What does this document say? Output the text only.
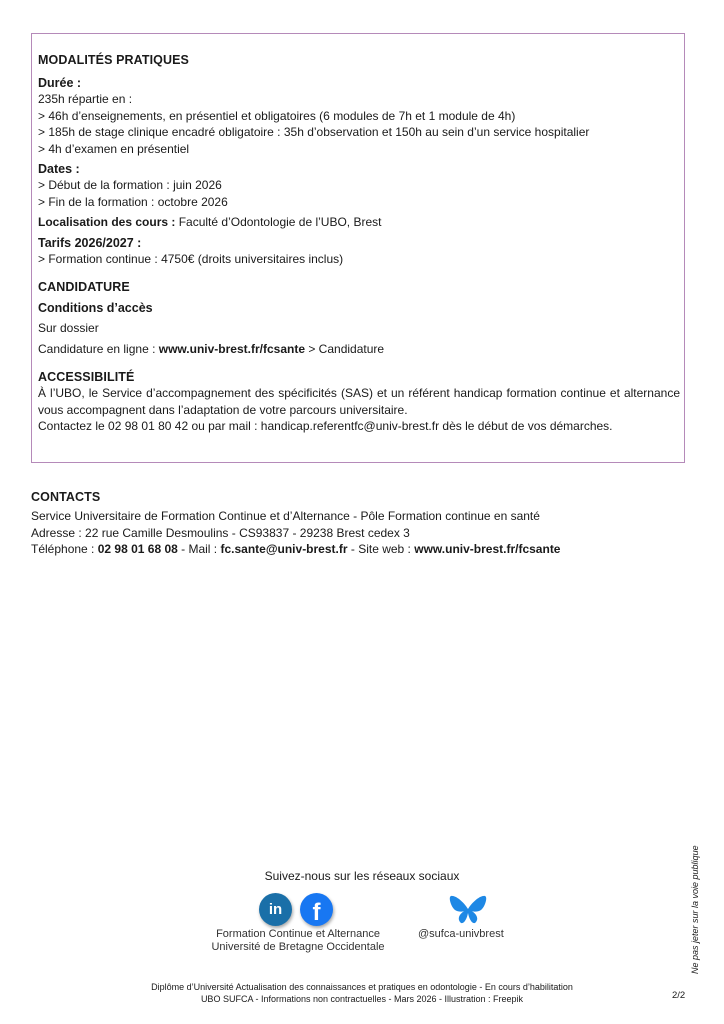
MODALITÉS PRATIQUES
Durée :
235h répartie en :
> 46h d’enseignements, en présentiel et obligatoires (6 modules de 7h et 1 module de 4h)
> 185h de stage clinique encadré obligatoire : 35h d’observation et 150h au sein d’un service hospitalier
> 4h d’examen en présentiel
Dates :
> Début de la formation : juin 2026
> Fin de la formation : octobre 2026
Localisation des cours : Faculté d’Odontologie de l’UBO, Brest
Tarifs 2026/2027 :
> Formation continue : 4750€ (droits universitaires inclus)
CANDIDATURE
Conditions d’accès
Sur dossier
Candidature en ligne : www.univ-brest.fr/fcsante > Candidature
ACCESSIBILITÉ
À l’UBO, le Service d’accompagnement des spécificités (SAS) et un référent handicap formation continue et alternance vous accompagnent dans l’adaptation de votre parcours universitaire.
Contactez le 02 98 01 80 42 ou par mail : handicap.referentfc@univ-brest.fr dès le début de vos démarches.
CONTACTS
Service Universitaire de Formation Continue et d’Alternance - Pôle Formation continue en santé
Adresse : 22 rue Camille Desmoulins - CS93837 - 29238 Brest cedex 3
Téléphone : 02 98 01 68 08 - Mail : fc.sante@univ-brest.fr - Site web : www.univ-brest.fr/fcsante
Suivez-nous sur les réseaux sociaux
in	f
Formation Continue et Alternance
Université de Bretagne Occidentale
@sufca-univbrest	Ne pas jeter sur la voie publique
Diplôme d’Université Actualisation des connaissances et pratiques en odontologie - En cours d’habilitation
UBO SUFCA - Informations non contractuelles - Mars 2026 - Illustration : Freepik	2/2
